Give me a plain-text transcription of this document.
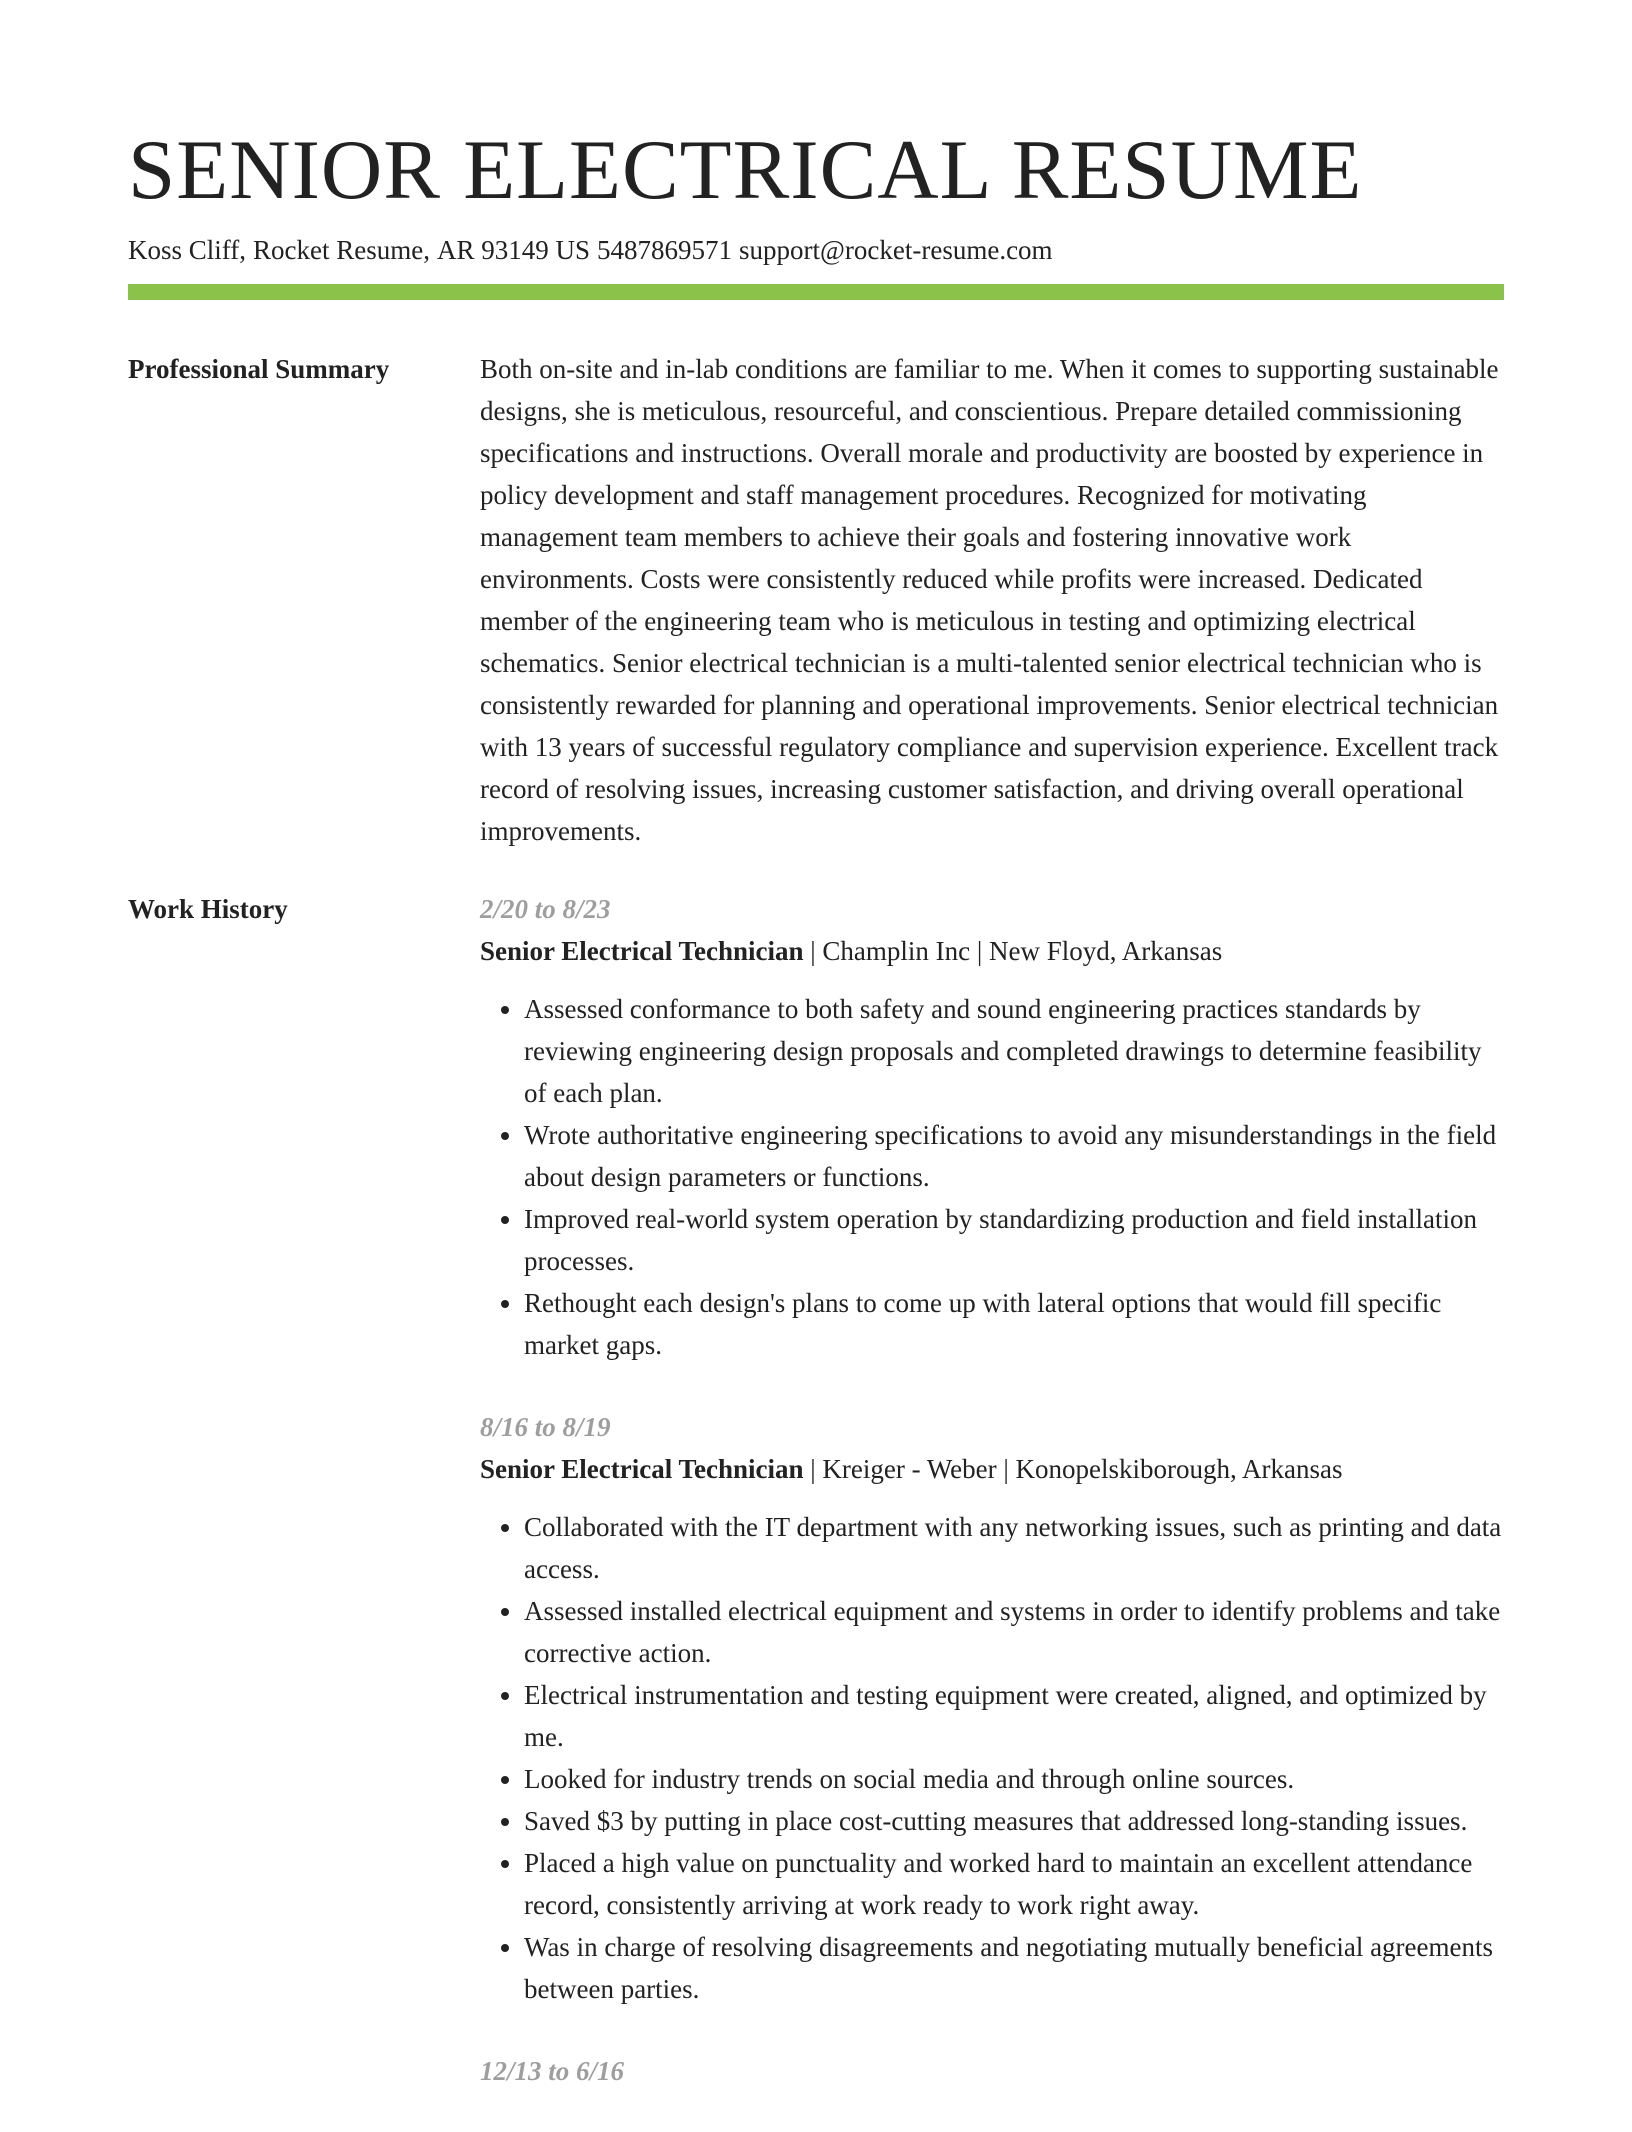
SENIOR ELECTRICAL RESUME
Koss Cliff, Rocket Resume, AR 93149 US 5487869571 support@rocket-resume.com
Professional Summary	Both on-site and in-lab conditions are familiar to me. When it comes to supporting sustainable designs, she is meticulous, resourceful, and conscientious. Prepare detailed commissioning specifications and instructions. Overall morale and productivity are boosted by experience in policy development and staff management procedures. Recognized for motivating management team members to achieve their goals and fostering innovative work environments. Costs were consistently reduced while profits were increased. Dedicated member of the engineering team who is meticulous in testing and optimizing electrical schematics. Senior electrical technician is a multi-talented senior electrical technician who is consistently rewarded for planning and operational improvements. Senior electrical technician with 13 years of successful regulatory compliance and supervision experience. Excellent track record of resolving issues, increasing customer satisfaction, and driving overall operational improvements.

Work History	2/20 to 8/23
Senior Electrical Technician | Champlin Inc | New Floyd, Arkansas
• Assessed conformance to both safety and sound engineering practices standards by reviewing engineering design proposals and completed drawings to determine feasibility of each plan.
• Wrote authoritative engineering specifications to avoid any misunderstandings in the field about design parameters or functions.
• Improved real-world system operation by standardizing production and field installation processes.
• Rethought each design's plans to come up with lateral options that would fill specific market gaps.
8/16 to 8/19
Senior Electrical Technician | Kreiger - Weber | Konopelskiborough, Arkansas
• Collaborated with the IT department with any networking issues, such as printing and data access.
• Assessed installed electrical equipment and systems in order to identify problems and take corrective action.
• Electrical instrumentation and testing equipment were created, aligned, and optimized by me.
• Looked for industry trends on social media and through online sources.
• Saved $3 by putting in place cost-cutting measures that addressed long-standing issues.
• Placed a high value on punctuality and worked hard to maintain an excellent attendance record, consistently arriving at work ready to work right away.
• Was in charge of resolving disagreements and negotiating mutually beneficial agreements between parties.
12/13 to 6/16
